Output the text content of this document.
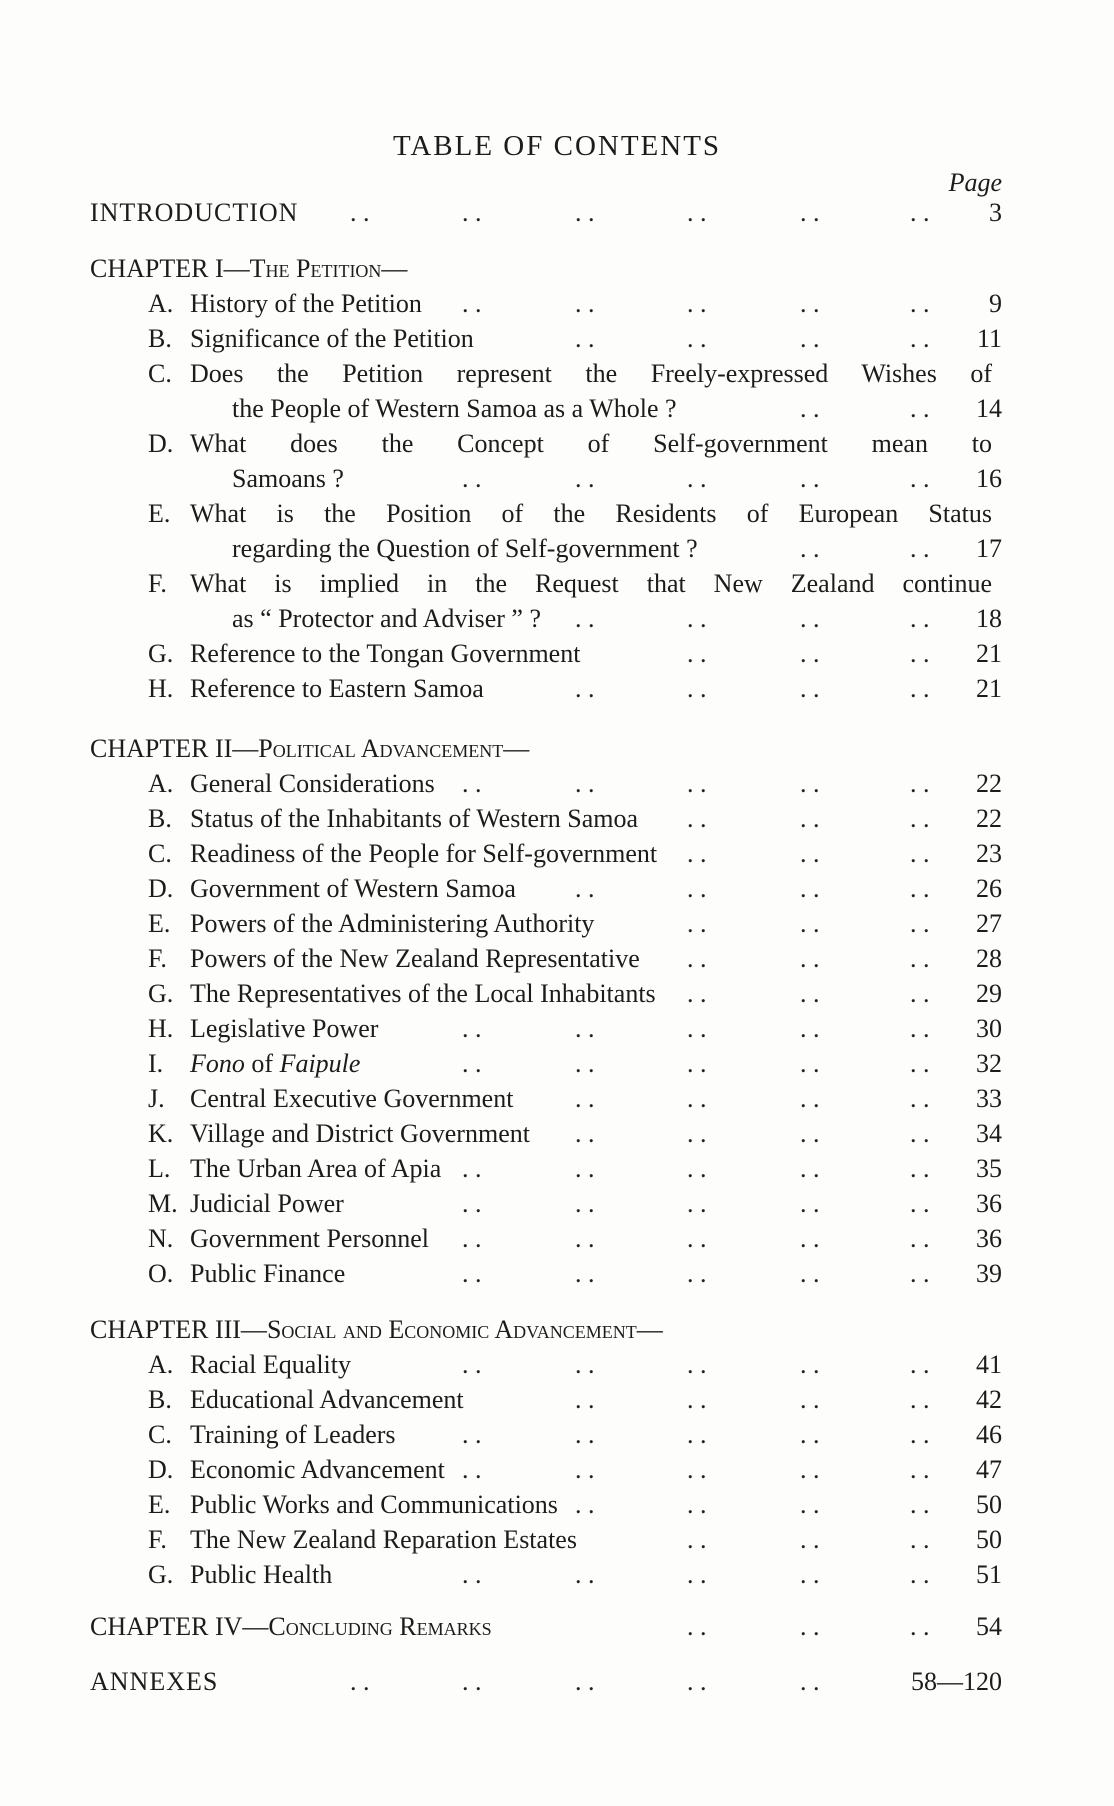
TABLE OF CONTENTS
Page
INTRODUCTION . .	. .	. .	. .	. .	. .	3
CHAPTER I—The Petition—
A. History of the Petition . .	. .	. .	. .	. .	9
B. Significance of the Petition	. .	. .	. .	. .	11
C. Does the Petition represent the Freely-expressed Wishes of
the People of Western Samoa as a Whole ?	. .	. .	14
D. What does the Concept of Self-government mean to
Samoans ?	. .	. .	. .	. .	. .	16
E. What is the Position of the Residents of European Status
regarding the Question of Self-government ?	. .	. .	17
F. What is implied in the Request that New Zealand continue
as “ Protector and Adviser ” ? . .	. .	. .	. .	18
G. Reference to the Tongan Government	. .	. .	. .	21
H. Reference to Eastern Samoa	. .	. .	. .	. .	21
CHAPTER II—Political Advancement—
A. General Considerations . .	. .	. .	. .	. .	22
B. Status of the Inhabitants of Western Samoa . .	. .	. .	22
C. Readiness of the People for Self-government . .	. .	. .	23
D. Government of Western Samoa . .	. .	. .	. .	26
E. Powers of the Administering Authority	. .	. .	. .	27
F. Powers of the New Zealand Representative . .	. .	. .	28
G. The Representatives of the Local Inhabitants . .	. .	. .	29
H. Legislative Power	. .	. .	. .	. .	. .	30
I. Fono of Faipule	. .	. .	. .	. .	. .	32
J. Central Executive Government . .	. .	. .	. .	33
K. Village and District Government . .	. .	. .	. .	34
L. The Urban Area of Apia . .	. .	. .	. .	. .	35
M. Judicial Power	. .	. .	. .	. .	. .	36
N. Government Personnel . .	. .	. .	. .	. .	36
O. Public Finance	. .	. .	. .	. .	. .	39
CHAPTER III—Social and Economic Advancement—
A. Racial Equality	. .	. .	. .	. .	. .	41
B. Educational Advancement	. .	. .	. .	. .	42
C. Training of Leaders	. .	. .	. .	. .	. .	46
D. Economic Advancement . .	. .	. .	. .	. .	47
E. Public Works and Communications . .	. .	. .	. .	50
F. The New Zealand Reparation Estates	. .	. .	. .	50
G. Public Health	. .	. .	. .	. .	. .	51
CHAPTER IV—Concluding Remarks	. .	. .	. .	54
ANNEXES	. .	. .	. .	. .	. .	58—120
